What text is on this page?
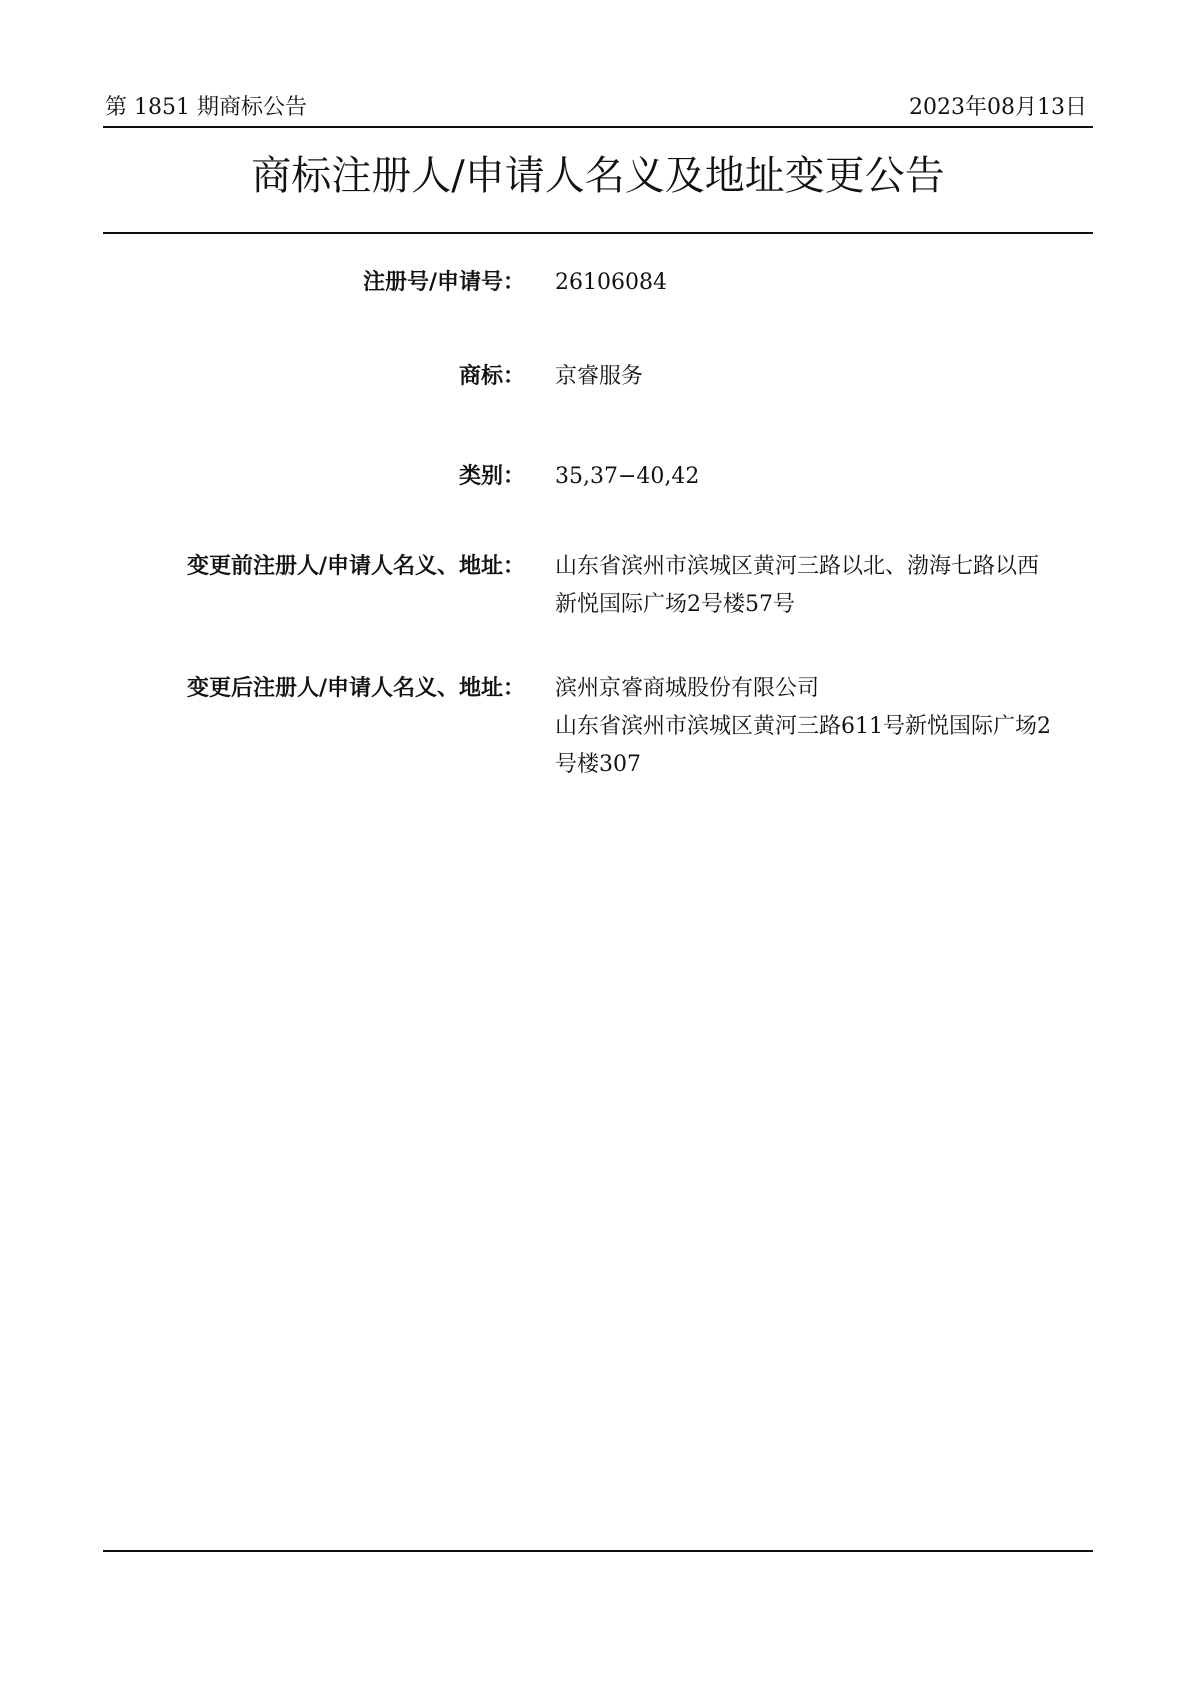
第 1851 期商标公告	2023年08月13日
商标注册人/申请人名义及地址变更公告
注册号/申请号： 26106084
商标： 京睿服务
类别： 35,37−40,42
变更前注册人/申请人名义、地址： 山东省滨州市滨城区黄河三路以北、渤海七路以西
新悦国际广场2号楼57号
变更后注册人/申请人名义、地址： 滨州京睿商城股份有限公司
山东省滨州市滨城区黄河三路611号新悦国际广场2
号楼307
